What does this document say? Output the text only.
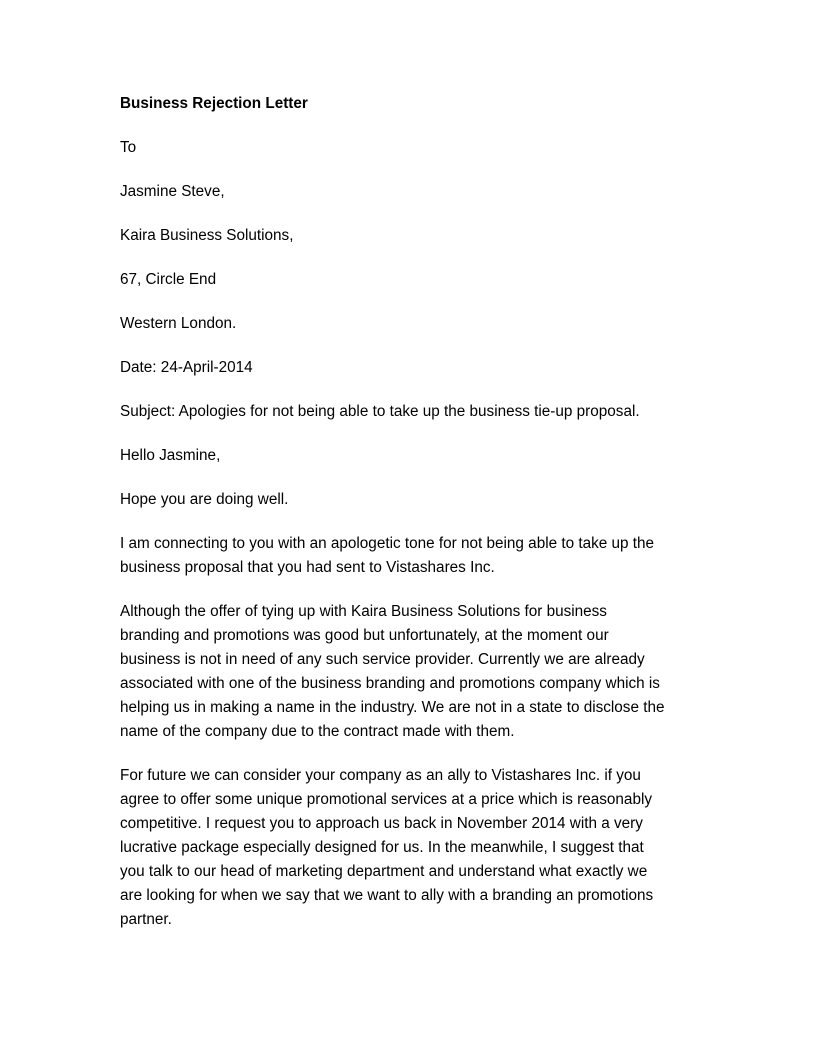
Business Rejection Letter
To
Jasmine Steve,
Kaira Business Solutions,
67, Circle End
Western London.
Date: 24-April-2014
Subject: Apologies for not being able to take up the business tie-up proposal.
Hello Jasmine,
Hope you are doing well.
I am connecting to you with an apologetic tone for not being able to take up the
business proposal that you had sent to Vistashares Inc.
Although the offer of tying up with Kaira Business Solutions for business
branding and promotions was good but unfortunately, at the moment our
business is not in need of any such service provider. Currently we are already
associated with one of the business branding and promotions company which is
helping us in making a name in the industry. We are not in a state to disclose the
name of the company due to the contract made with them.
For future we can consider your company as an ally to Vistashares Inc. if you
agree to offer some unique promotional services at a price which is reasonably
competitive. I request you to approach us back in November 2014 with a very
lucrative package especially designed for us. In the meanwhile, I suggest that
you talk to our head of marketing department and understand what exactly we
are looking for when we say that we want to ally with a branding an promotions
partner.
